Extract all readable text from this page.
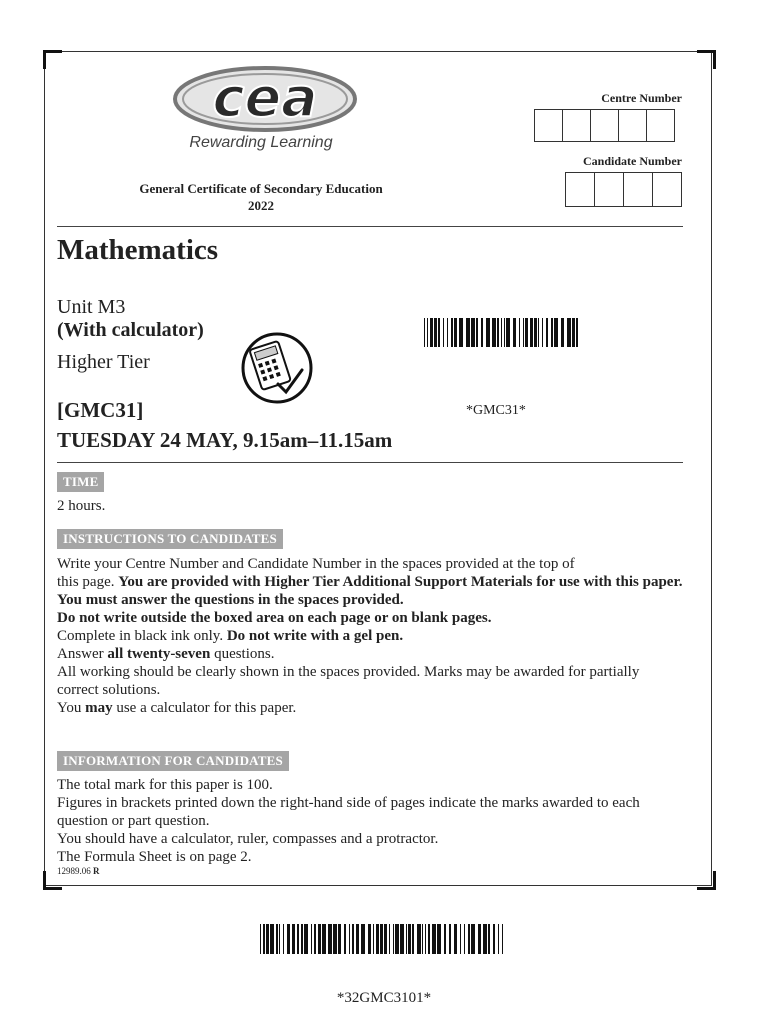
cea
Rewarding Learning
General Certificate of Secondary Education
2022
Centre Number
Candidate Number
Mathematics
Unit M3
(With calculator)
Higher Tier
*GMC31*
[GMC31]
TUESDAY 24 MAY, 9.15am–11.15am
TIME
2 hours.
INSTRUCTIONS TO CANDIDATES

Write your Centre Number and Candidate Number in the spaces provided at the top of

this page. You are provided with Higher Tier Additional Support Materials for use with this paper.

You must answer the questions in the spaces provided.

Do not write outside the boxed area on each page or on blank pages.

Complete in black ink only. Do not write with a gel pen.

Answer all twenty-seven questions.

All working should be clearly shown in the spaces provided. Marks may be awarded for partially correct solutions.

You may use a calculator for this paper.

INFORMATION FOR CANDIDATES

The total mark for this paper is 100.

Figures in brackets printed down the right-hand side of pages indicate the marks awarded to each question or part question.

You should have a calculator, ruler, compasses and a protractor.

The Formula Sheet is on page 2.

12989.06 R
*32GMC3101*
